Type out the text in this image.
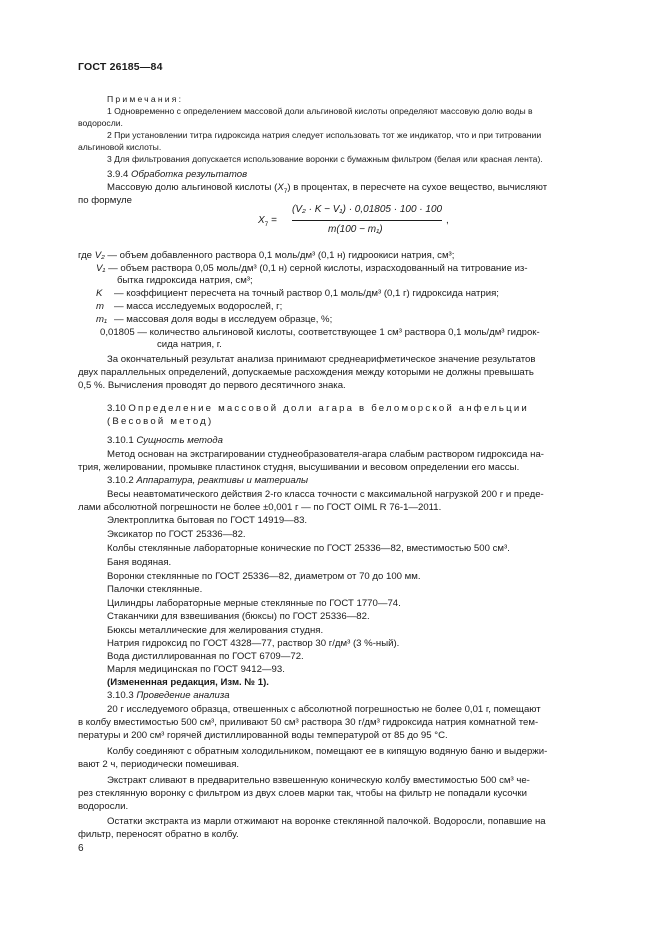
ГОСТ 26185—84
Примечания:
1 Одновременно с определением массовой доли альгиновой кислоты определяют массовую долю воды в
водоросли.
2 При установлении титра гидроксида натрия следует использовать тот же индикатор, что и при титровании
альгиновой кислоты.
3 Для фильтрования допускается использование воронки с бумажным фильтром (белая или красная лента).
3.9.4 Обработка результатов
Массовую долю альгиновой кислоты $(X_7)$ в процентах, в пересчете на сухое вещество, вычисляют
по формуле
$X_7$ =
(V₂ · K − V₁) · 0,01805 · 100 · 100
m(100 − m₁)
,
где V₂ — объем добавленного раствора 0,1 моль/дм³ (0,1 н) гидроокиси натрия, см³;
V₁ — объем раствора 0,05 моль/дм³ (0,1 н) серной кислоты, израсходованный на титрование из-
бытка гидроксида натрия, см³;
K — коэффициент пересчета на точный раствор 0,1 моль/дм³ (0,1 г) гидроксида натрия;
m — масса исследуемых водорослей, г;
m₁ — массовая доля воды в исследуем образце, %;
0,01805 — количество альгиновой кислоты, соответствующее 1 см³ раствора 0,1 моль/дм³ гидрок-
сида натрия, г.
За окончательный результат анализа принимают среднеарифметическое значение результатов
двух параллельных определений, допускаемые расхождения между которыми не должны превышать
0,5 %. Вычисления проводят до первого десятичного знака.
3.10 Определение массовой доли агара в беломорской анфельции
(Весовой метод)
3.10.1 Сущность метода
Метод основан на экстрагировании студнеобразователя-агара слабым раствором гидроксида на-
трия, желировании, промывке пластинок студня, высушивании и весовом определении его массы.
3.10.2 Аппаратура, реактивы и материалы
Весы неавтоматического действия 2-го класса точности с максимальной нагрузкой 200 г и преде-
лами абсолютной погрешности не более ±0,001 г — по ГОСТ OIML R 76-1—2011.
Электроплитка бытовая по ГОСТ 14919—83.
Эксикатор по ГОСТ 25336—82.
Колбы стеклянные лабораторные конические по ГОСТ 25336—82, вместимостью 500 см³.
Баня водяная.
Воронки стеклянные по ГОСТ 25336—82, диаметром от 70 до 100 мм.
Палочки стеклянные.
Цилиндры лабораторные мерные стеклянные по ГОСТ 1770—74.
Стаканчики для взвешивания (бюксы) по ГОСТ 25336—82.
Бюксы металлические для желирования студня.
Натрия гидроксид по ГОСТ 4328—77, раствор 30 г/дм³ (3 %-ный).
Вода дистиллированная по ГОСТ 6709—72.
Марля медицинская по ГОСТ 9412—93.
(Измененная редакция, Изм. № 1).
3.10.3 Проведение анализа
20 г исследуемого образца, отвешенных с абсолютной погрешностью не более 0,01 г, помещают
в колбу вместимостью 500 см³, приливают 50 см³ раствора 30 г/дм³ гидроксида натрия комнатной тем-
пературы и 200 см³ горячей дистиллированной воды температурой от 85 до 95 °С.
Колбу соединяют с обратным холодильником, помещают ее в кипящую водяную баню и выдержи-
вают 2 ч, периодически помешивая.
Экстракт сливают в предварительно взвешенную коническую колбу вместимостью 500 см³ че-
рез стеклянную воронку с фильтром из двух слоев марки так, чтобы на фильтр не попадали кусочки
водоросли.
Остатки экстракта из марли отжимают на воронке стеклянной палочкой. Водоросли, попавшие на
фильтр, переносят обратно в колбу.
6
